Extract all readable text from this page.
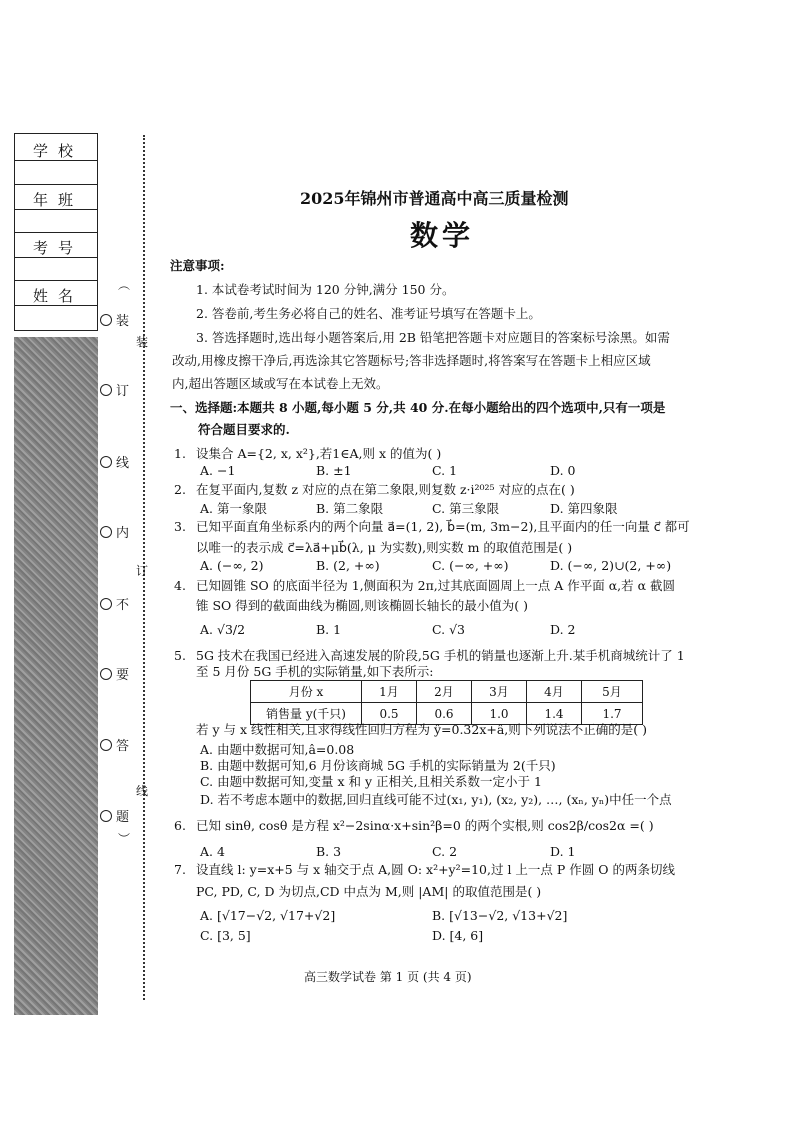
学校
年班
考号
姓名
︵
装
订
线
内
不
要
答
题
︶
装
订
线
2025年锦州市普通高中高三质量检测
数学
注意事项:
1. 本试卷考试时间为 120 分钟,满分 150 分。
2. 答卷前,考生务必将自己的姓名、准考证号填写在答题卡上。
3. 答选择题时,选出每小题答案后,用 2B 铅笔把答题卡对应题目的答案标号涂黑。如需
改动,用橡皮擦干净后,再选涂其它答题标号;答非选择题时,将答案写在答题卡上相应区域
内,超出答题区域或写在本试卷上无效。
一、选择题:本题共 8 小题,每小题 5 分,共 40 分.在每小题给出的四个选项中,只有一项是
符合题目要求的.
1. 设集合 A={2, x, x²},若1∈A,则 x 的值为( )
A. −1	B. ±1	C. 1	D. 0
2. 在复平面内,复数 z 对应的点在第二象限,则复数 z·i²⁰²⁵ 对应的点在( )
A. 第一象限	B. 第二象限	C. 第三象限	D. 第四象限
3. 已知平面直角坐标系内的两个向量 a⃗=(1, 2), b⃗=(m, 3m−2),且平面内的任一向量 c⃗ 都可
以唯一的表示成 c⃗=λa⃗+μb⃗(λ, μ 为实数),则实数 m 的取值范围是( )
A. (−∞, 2)	B. (2, +∞)	C. (−∞, +∞)	D. (−∞, 2)∪(2, +∞)
4. 已知圆锥 SO 的底面半径为 1,侧面积为 2π,过其底面圆周上一点 A 作平面 α,若 α 截圆
锥 SO 得到的截面曲线为椭圆,则该椭圆长轴长的最小值为( )
A. √3/2	B. 1	C. √3	D. 2
5. 5G 技术在我国已经进入高速发展的阶段,5G 手机的销量也逐渐上升.某手机商城统计了 1
至 5 月份 5G 手机的实际销量,如下表所示:
月份 x	1月	2月	3月	4月	5月
销售量 y(千只)	0.5	0.6	1.0	1.4	1.7
若 y 与 x 线性相关,且求得线性回归方程为 ŷ=0.32x+â,则下列说法不正确的是( )
A. 由题中数据可知,â=0.08
B. 由题中数据可知,6 月份该商城 5G 手机的实际销量为 2(千只)
C. 由题中数据可知,变量 x 和 y 正相关,且相关系数一定小于 1
D. 若不考虑本题中的数据,回归直线可能不过(x₁, y₁), (x₂, y₂), …, (xₙ, yₙ)中任一个点
6. 已知 sinθ, cosθ 是方程 x²−2sinα·x+sin²β=0 的两个实根,则 cos2β/cos2α =( )
A. 4	B. 3	C. 2	D. 1
7. 设直线 l: y=x+5 与 x 轴交于点 A,圆 O: x²+y²=10,过 l 上一点 P 作圆 O 的两条切线
PC, PD, C, D 为切点,CD 中点为 M,则 |AM| 的取值范围是( )
A. [√17−√2, √17+√2]	B. [√13−√2, √13+√2]
C. [3, 5]	D. [4, 6]
高三数学试卷 第 1 页 (共 4 页)
